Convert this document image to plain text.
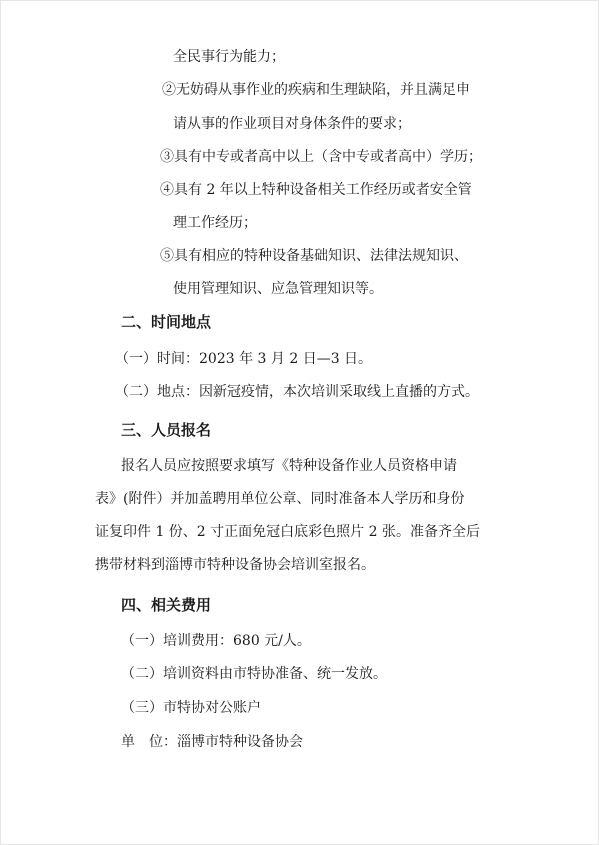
全民事行为能力；
②无妨碍从事作业的疾病和生理缺陷，并且满足申
请从事的作业项目对身体条件的要求；
③具有中专或者高中以上（含中专或者高中）学历；
④具有 2 年以上特种设备相关工作经历或者安全管
理工作经历；
⑤具有相应的特种设备基础知识、法律法规知识、
使用管理知识、应急管理知识等。
二、时间地点
（一）时间：2023 年 3 月 2 日—3 日。
（二）地点：因新冠疫情，本次培训采取线上直播的方式。
三、人员报名
报名人员应按照要求填写《特种设备作业人员资格申请
表》(附件）并加盖聘用单位公章、同时准备本人学历和身份
证复印件 1 份、2 寸正面免冠白底彩色照片 2 张。准备齐全后
携带材料到淄博市特种设备协会培训室报名。
四、相关费用
（一）培训费用：680 元/人。
（二）培训资料由市特协准备、统一发放。
（三）市特协对公账户
单　位：淄博市特种设备协会
